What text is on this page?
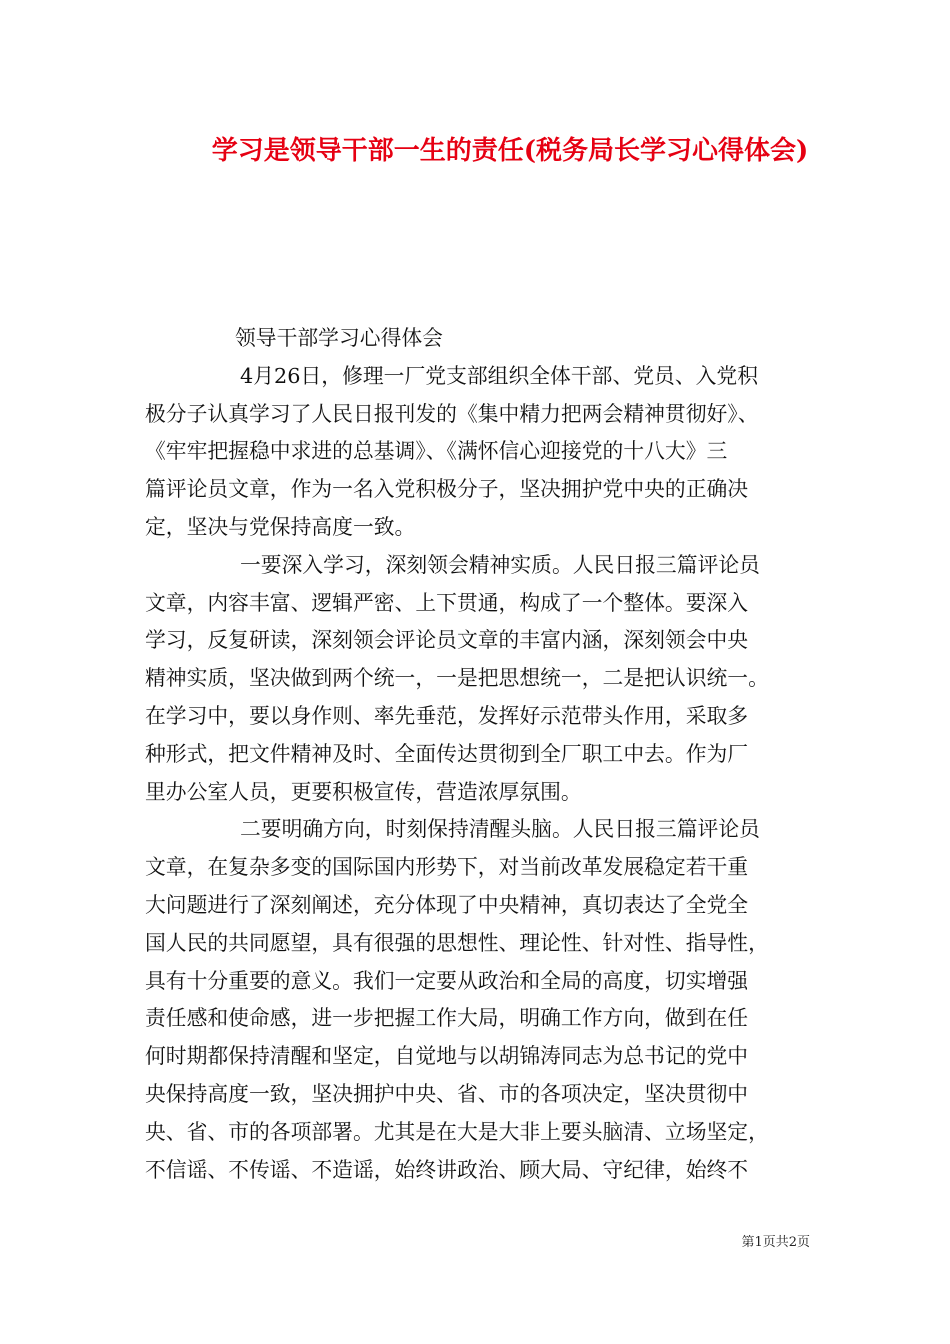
学习是领导干部一生的责任(税务局长学习心得体会)
领导干部学习心得体会
4月26日，修理一厂党支部组织全体干部、党员、入党积
极分子认真学习了人民日报刊发的《集中精力把两会精神贯彻好》、
《牢牢把握稳中求进的总基调》、《满怀信心迎接党的十八大》三
篇评论员文章，作为一名入党积极分子，坚决拥护党中央的正确决
定，坚决与党保持高度一致。
一要深入学习，深刻领会精神实质。人民日报三篇评论员
文章，内容丰富、逻辑严密、上下贯通，构成了一个整体。要深入
学习，反复研读，深刻领会评论员文章的丰富内涵，深刻领会中央
精神实质，坚决做到两个统一，一是把思想统一，二是把认识统一。
在学习中，要以身作则、率先垂范，发挥好示范带头作用，采取多
种形式，把文件精神及时、全面传达贯彻到全厂职工中去。作为厂
里办公室人员，更要积极宣传，营造浓厚氛围。
二要明确方向，时刻保持清醒头脑。人民日报三篇评论员
文章，在复杂多变的国际国内形势下，对当前改革发展稳定若干重
大问题进行了深刻阐述，充分体现了中央精神，真切表达了全党全
国人民的共同愿望，具有很强的思想性、理论性、针对性、指导性，
具有十分重要的意义。我们一定要从政治和全局的高度，切实增强
责任感和使命感，进一步把握工作大局，明确工作方向，做到在任
何时期都保持清醒和坚定，自觉地与以胡锦涛同志为总书记的党中
央保持高度一致，坚决拥护中央、省、市的各项决定，坚决贯彻中
央、省、市的各项部署。尤其是在大是大非上要头脑清、立场坚定，
不信谣、不传谣、不造谣，始终讲政治、顾大局、守纪律，始终不
第1页共2页
